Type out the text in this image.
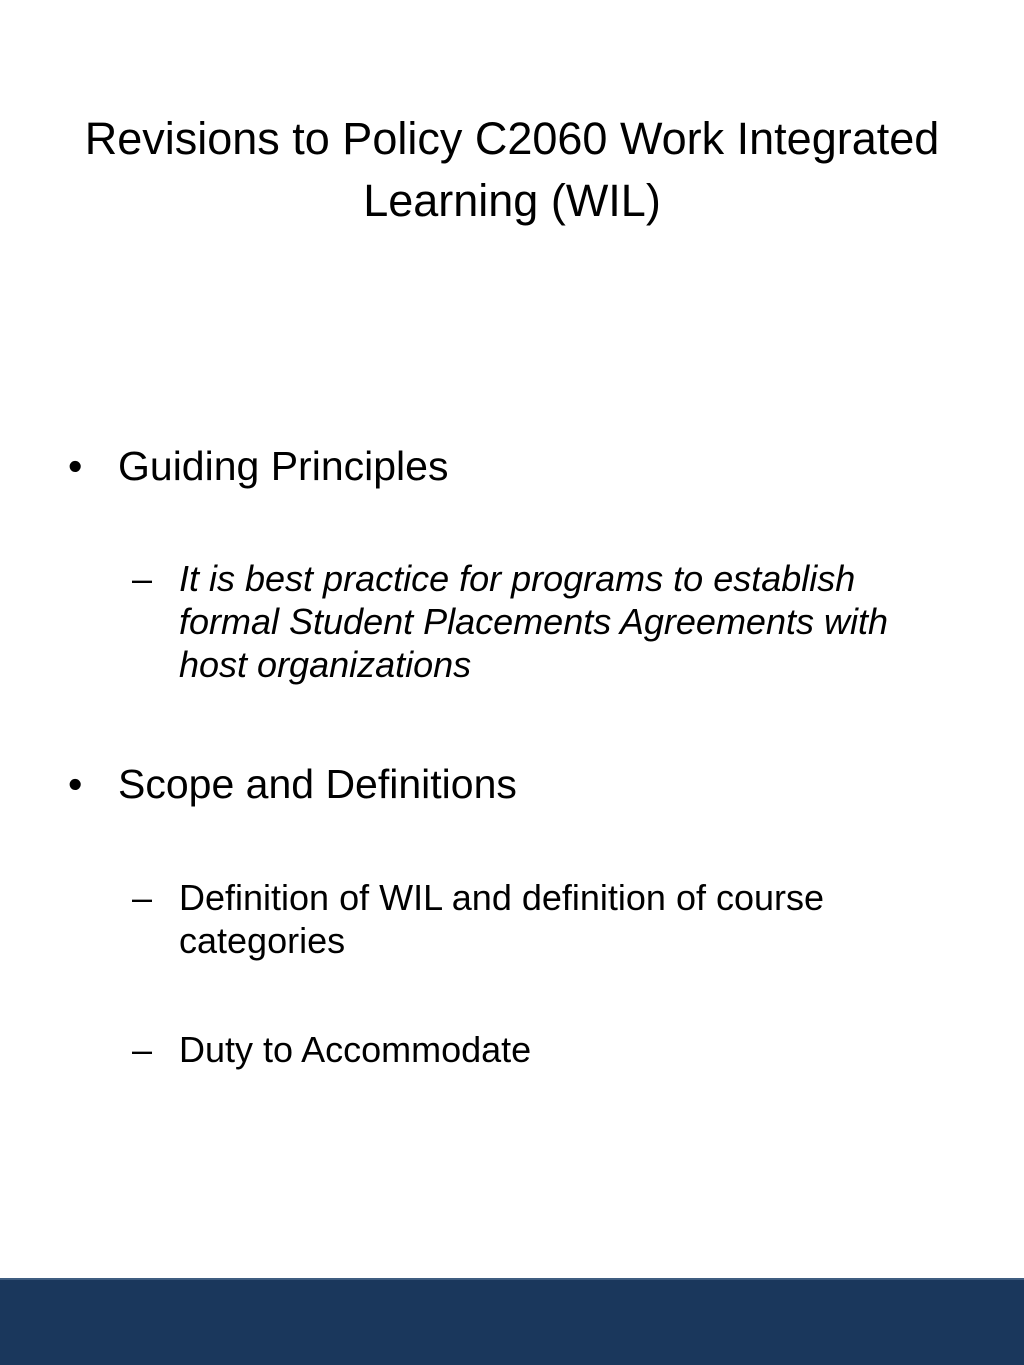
Revisions to Policy C2060 Work Integrated Learning (WIL)
• Guiding Principles
– It is best practice for programs to establish formal Student Placements Agreements with host organizations
• Scope and Definitions
– Definition of WIL and definition of course categories
– Duty to Accommodate
